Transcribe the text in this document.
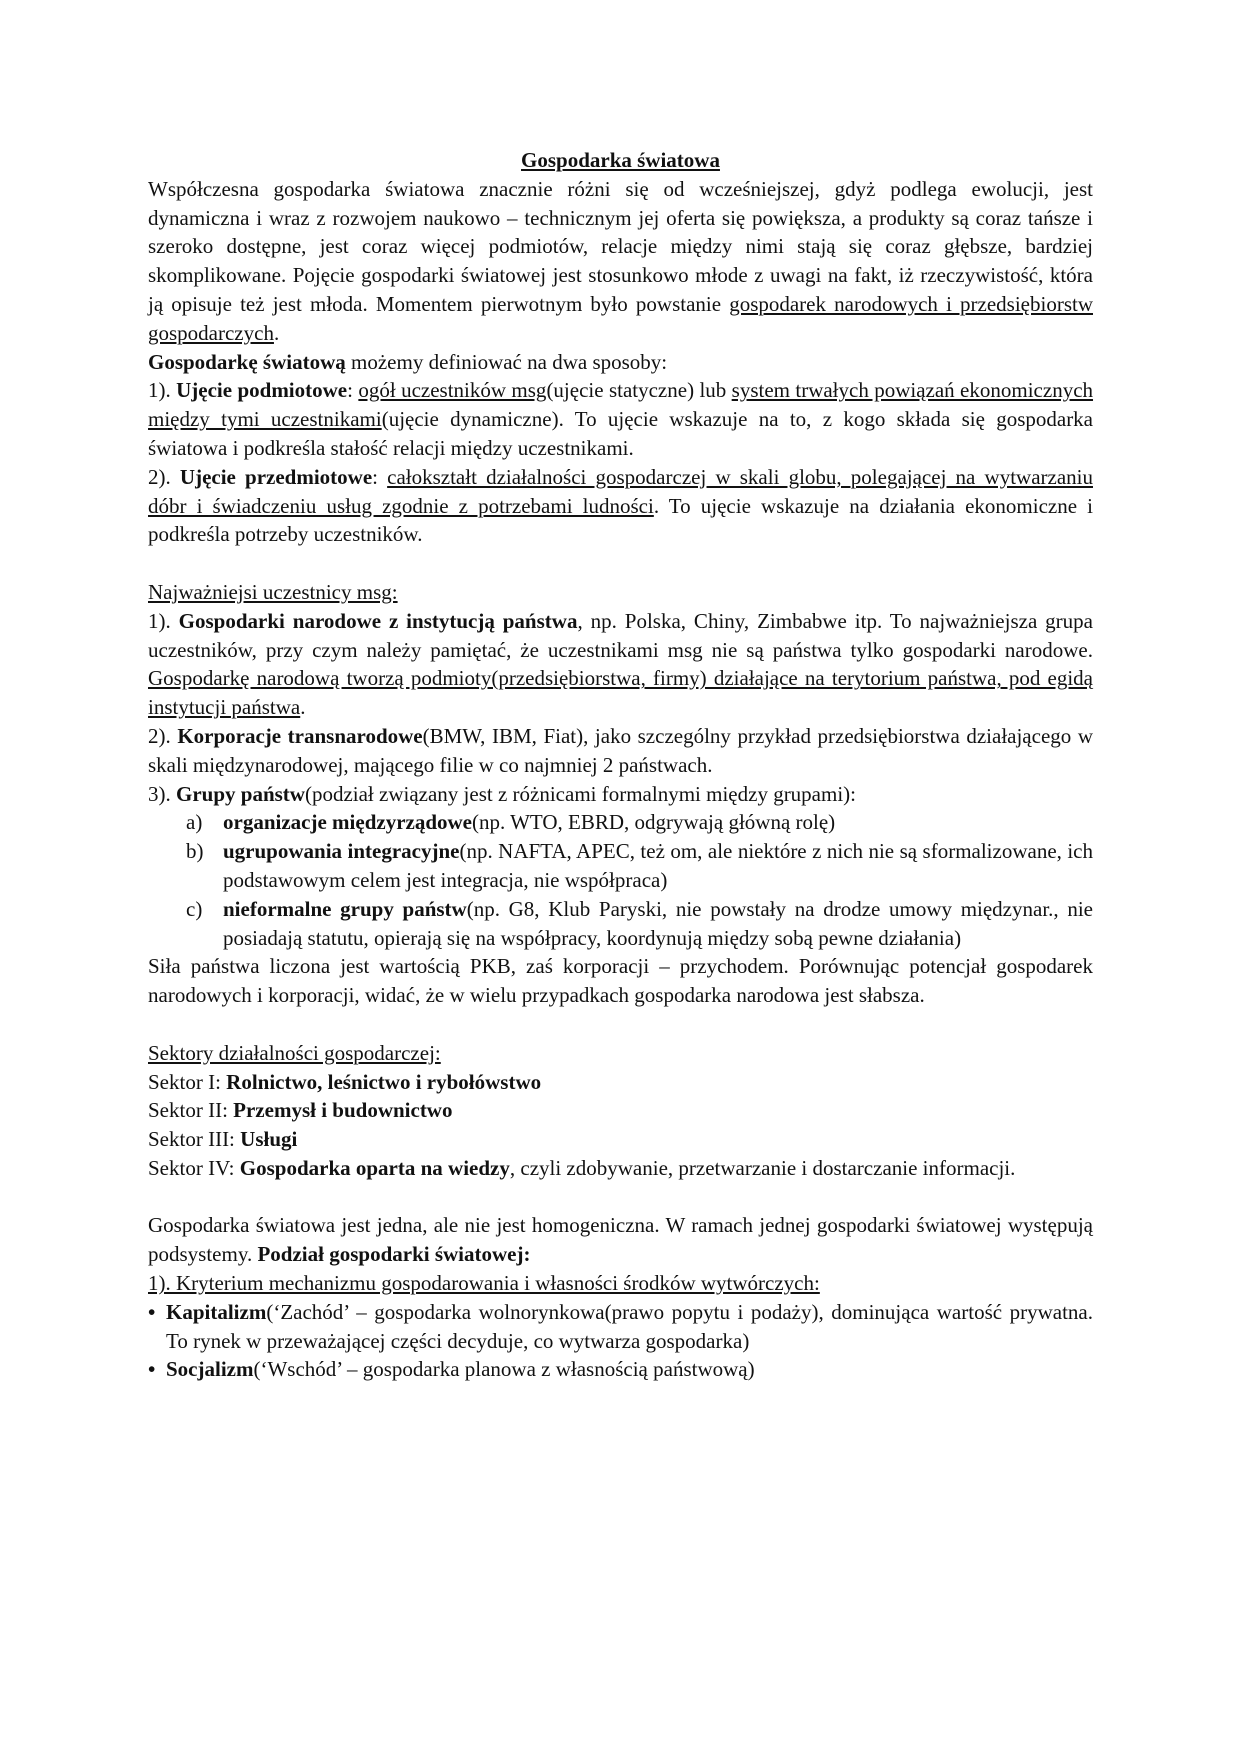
Gospodarka światowa

Współczesna gospodarka światowa znacznie różni się od wcześniejszej, gdyż podlega ewolucji, jest dynamiczna i wraz z rozwojem naukowo – technicznym jej oferta się powiększa, a produkty są coraz tańsze i szeroko dostępne, jest coraz więcej podmiotów, relacje między nimi stają się coraz głębsze, bardziej skomplikowane. Pojęcie gospodarki światowej jest stosunkowo młode z uwagi na fakt, iż rzeczywistość, która ją opisuje też jest młoda. Momentem pierwotnym było powstanie gospodarek narodowych i przedsiębiorstw gospodarczych.

Gospodarkę światową możemy definiować na dwa sposoby:

1). Ujęcie podmiotowe: ogół uczestników msg(ujęcie statyczne) lub system trwałych powiązań ekonomicznych między tymi uczestnikami(ujęcie dynamiczne). To ujęcie wskazuje na to, z kogo składa się gospodarka światowa i podkreśla stałość relacji między uczestnikami.

2). Ujęcie przedmiotowe: całokształt działalności gospodarczej w skali globu, polegającej na wytwarzaniu dóbr i świadczeniu usług zgodnie z potrzebami ludności. To ujęcie wskazuje na działania ekonomiczne i podkreśla potrzeby uczestników.

Najważniejsi uczestnicy msg:

1). Gospodarki narodowe z instytucją państwa, np. Polska, Chiny, Zimbabwe itp. To najważniejsza grupa uczestników, przy czym należy pamiętać, że uczestnikami msg nie są państwa tylko gospodarki narodowe. Gospodarkę narodową tworzą podmioty(przedsiębiorstwa, firmy) działające na terytorium państwa, pod egidą instytucji państwa.

2). Korporacje transnarodowe(BMW, IBM, Fiat), jako szczególny przykład przedsiębiorstwa działającego w skali międzynarodowej, mającego filie w co najmniej 2 państwach.

3). Grupy państw(podział związany jest z różnicami formalnymi między grupami):

a) organizacje międzyrządowe(np. WTO, EBRD, odgrywają główną rolę)
b) ugrupowania integracyjne(np. NAFTA, APEC, też om, ale niektóre z nich nie są sformalizowane, ich podstawowym celem jest integracja, nie współpraca)
c) nieformalne grupy państw(np. G8, Klub Paryski, nie powstały na drodze umowy międzynar., nie posiadają statutu, opierają się na współpracy, koordynują między sobą pewne działania)

Siła państwa liczona jest wartością PKB, zaś korporacji – przychodem. Porównując potencjał gospodarek narodowych i korporacji, widać, że w wielu przypadkach gospodarka narodowa jest słabsza.

Sektory działalności gospodarczej:

Sektor I: Rolnictwo, leśnictwo i rybołówstwo

Sektor II: Przemysł i budownictwo

Sektor III: Usługi

Sektor IV: Gospodarka oparta na wiedzy, czyli zdobywanie, przetwarzanie i dostarczanie informacji.

Gospodarka światowa jest jedna, ale nie jest homogeniczna. W ramach jednej gospodarki światowej występują podsystemy. Podział gospodarki światowej:

1). Kryterium mechanizmu gospodarowania i własności środków wytwórczych:

• Kapitalizm(‘Zachód’ – gospodarka wolnorynkowa(prawo popytu i podaży), dominująca wartość prywatna. To rynek w przeważającej części decyduje, co wytwarza gospodarka)
• Socjalizm(‘Wschód’ – gospodarka planowa z własnością państwową)
